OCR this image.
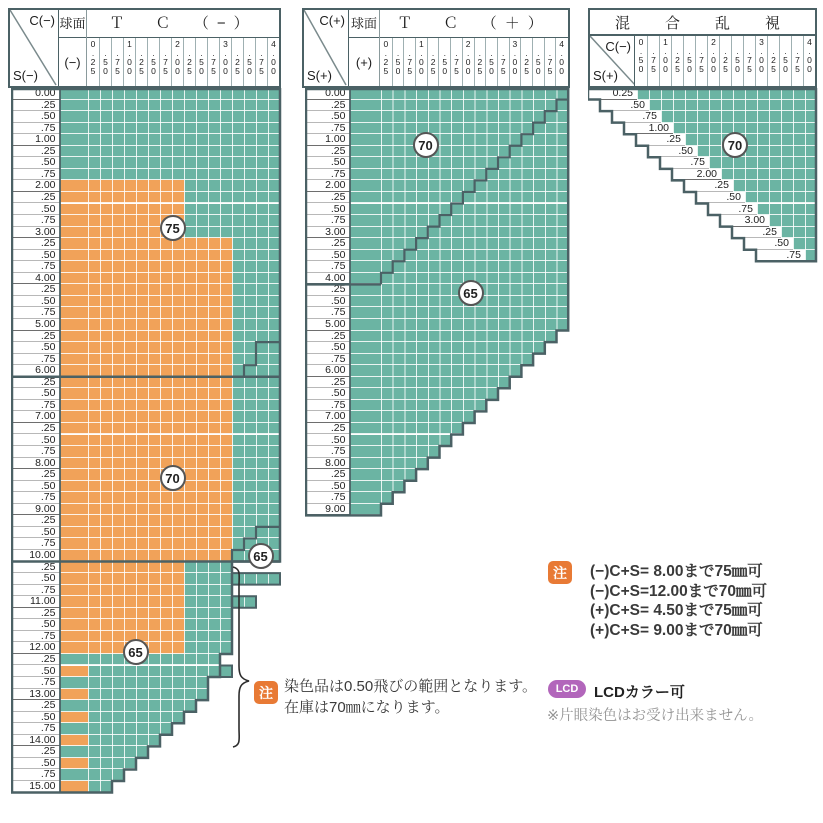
C(−)
S(−)
球面
(−)
Ｔ　Ｃ　（−）
0
.
2
5

.
5
0

.
7
5
1
.
0
0

.
2
5

.
5
0

.
7
5
2
.
0
0

.
2
5

.
5
0

.
7
5
3
.
0
0

.
2
5

.
5
0

.
7
5
4
.
0
0
0.00
.25
.50
.75
1.00
.25
.50
.75
2.00
.25
.50
.75
3.00
.25
.50
.75
4.00
.25
.50
.75
5.00
.25
.50
.75
6.00
.25
.50
.75
7.00
.25
.50
.75
8.00
.25
.50
.75
9.00
.25
.50
.75
10.00
.25
.50
.75
11.00
.25
.50
.75
12.00
.25
.50
.75
13.00
.25
.50
.75
14.00
.25
.50
.75
15.00
75
70
65
65
C(+)
S(+)
球面
(+)
Ｔ　Ｃ　（＋）
0
.
2
5

.
5
0

.
7
5
1
.
0
0

.
2
5

.
5
0

.
7
5
2
.
0
0

.
2
5

.
5
0

.
7
5
3
.
0
0

.
2
5

.
5
0

.
7
5
4
.
0
0
0.00
.25
.50
.75
1.00
.25
.50
.75
2.00
.25
.50
.75
3.00
.25
.50
.75
4.00
.25
.50
.75
5.00
.25
.50
.75
6.00
.25
.50
.75
7.00
.25
.50
.75
8.00
.25
.50
.75
9.00
70
65
混　合　乱　視
C(−)
S(+)
0
.
5
0

.
7
5
1
.
0
0

.
2
5

.
5
0

.
7
5
2
.
0
0

.
2
5

.
5
0

.
7
5
3
.
0
0

.
2
5

.
5
0

.
7
5
4
.
0
0
0.25
.50
.75
1.00
.25
.50
.75
2.00
.25
.50
.75
3.00
.25
.50
.75
70
注 染色品は0.50飛びの範囲となります。
在庫は70㎜になります。
注	(−)C+S= 8.00まで75㎜可
(−)C+S=12.00まで70㎜可
(+)C+S= 4.50まで75㎜可
(+)C+S= 9.00まで70㎜可
LCD	LCDカラー可
※片眼染色はお受け出来ません。
